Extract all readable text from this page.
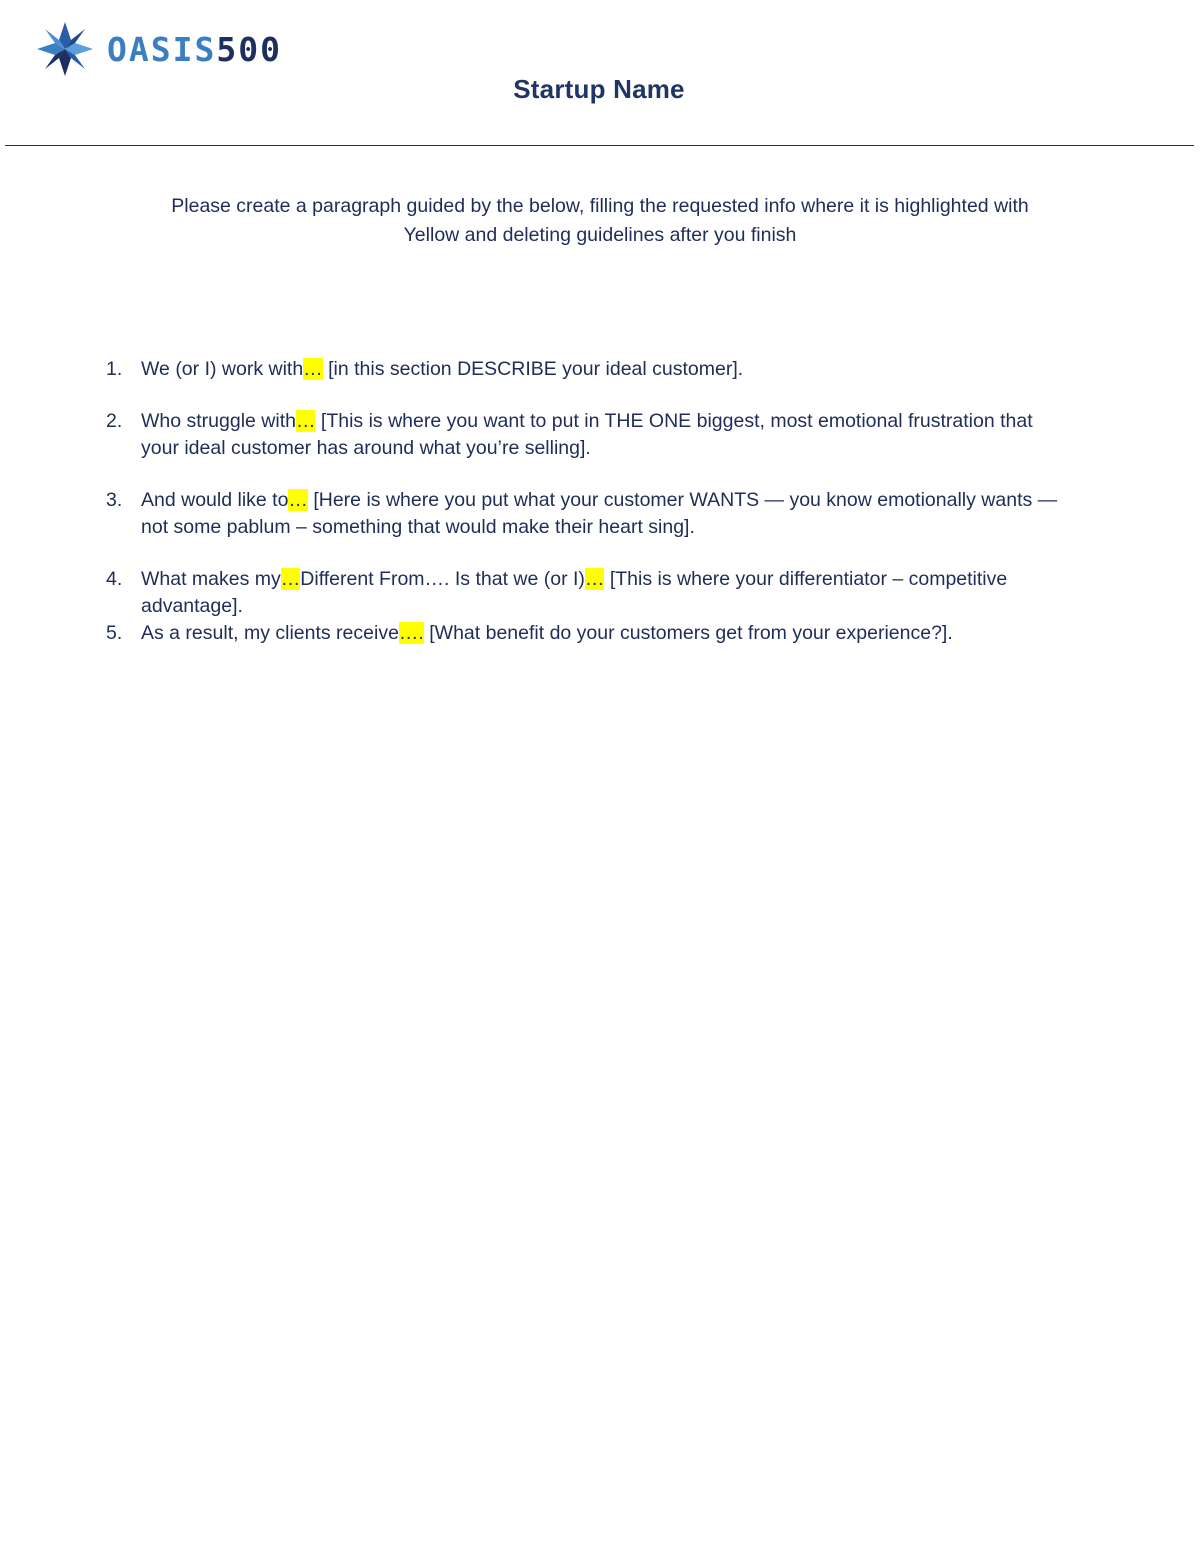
OASIS500
Startup Name
Please create a paragraph guided by the below, filling the requested info where it is highlighted with
Yellow and deleting guidelines after you finish
1. We (or I) work with… [in this section DESCRIBE your ideal customer].
2. Who struggle with… [This is where you want to put in THE ONE biggest, most emotional frustration that your ideal customer has around what you’re selling].
3. And would like to… [Here is where you put what your customer WANTS — you know emotionally wants — not some pablum – something that would make their heart sing].
4. What makes my…Different From…. Is that we (or I)… [This is where your differentiator – competitive advantage].
5. As a result, my clients receive…. [What benefit do your customers get from your experience?].
